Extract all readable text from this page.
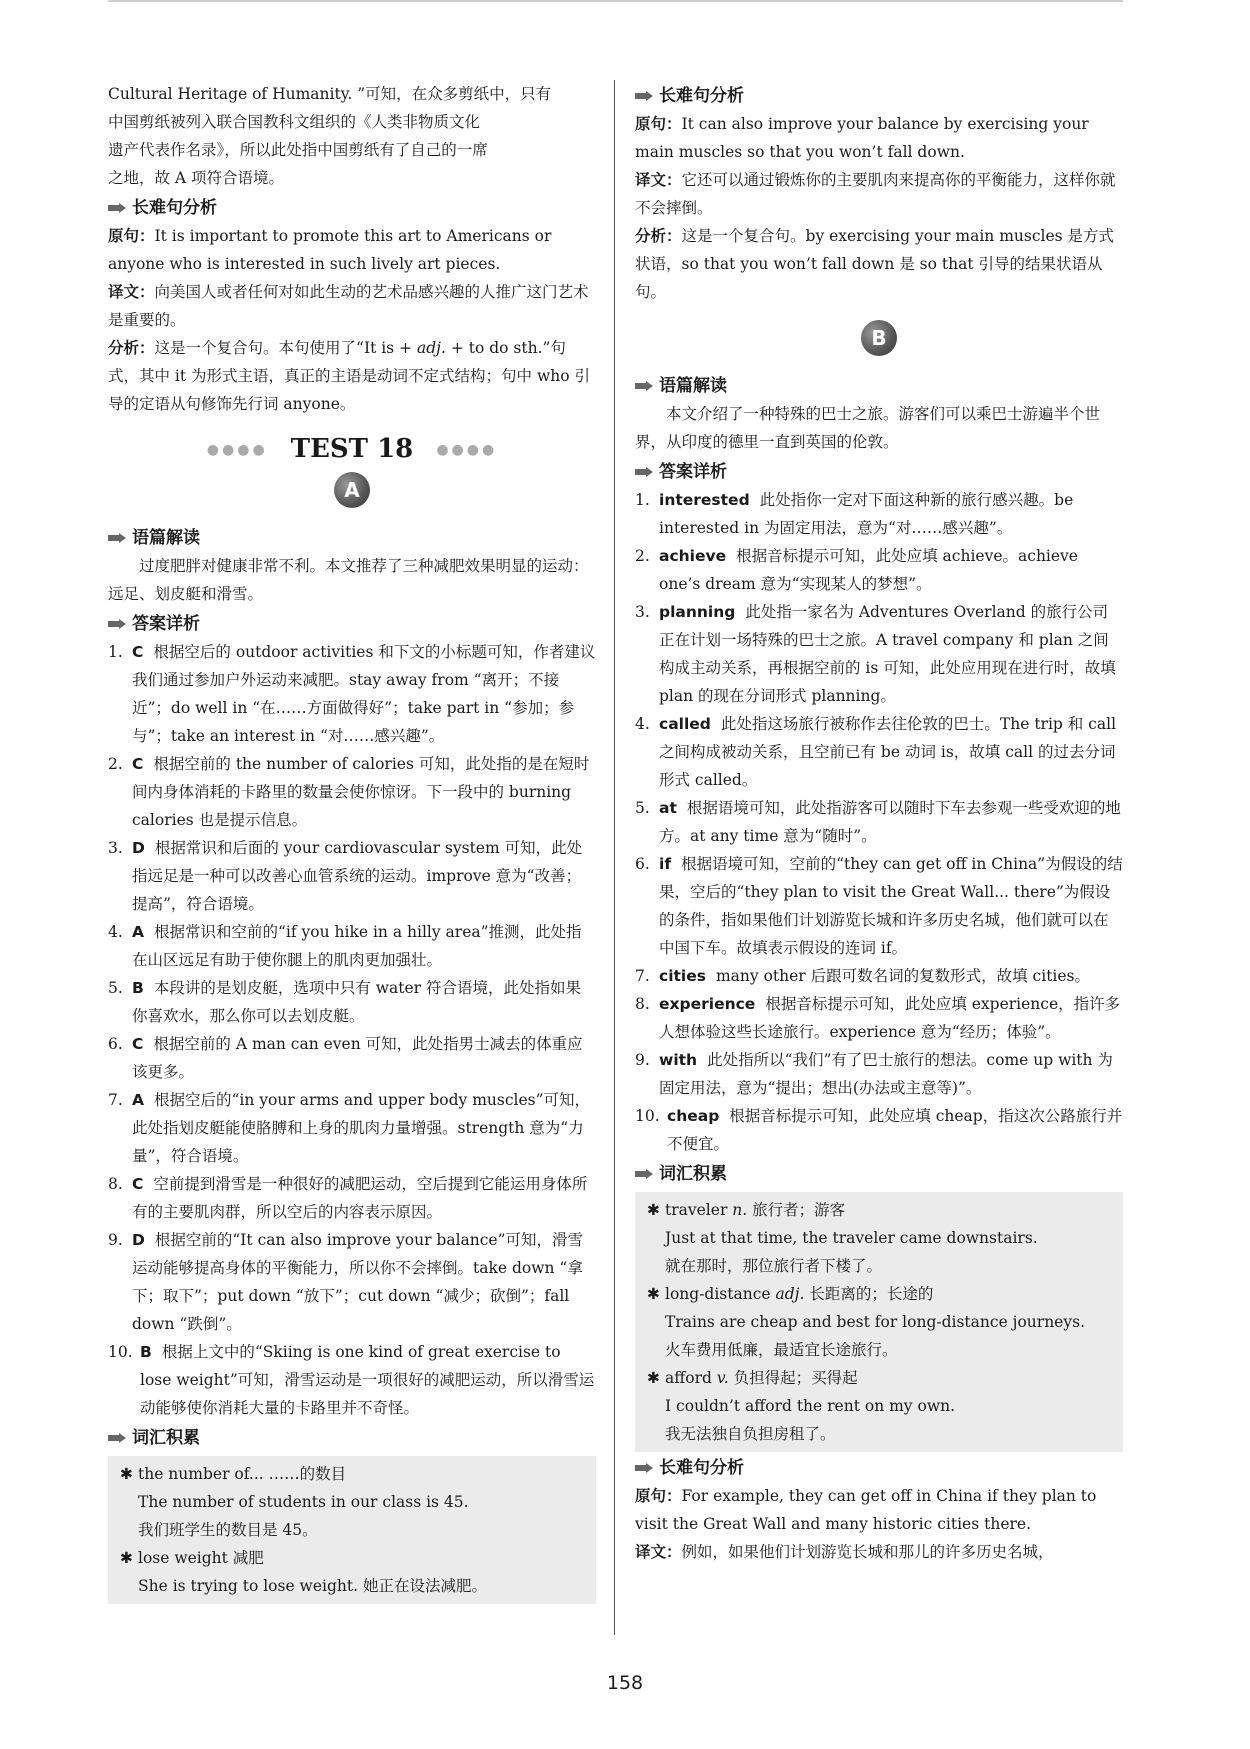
Cultural Heritage of Humanity. ”可知，在众多剪纸中，只有

中国剪纸被列入联合国教科文组织的《人类非物质文化

遗产代表作名录》，所以此处指中国剪纸有了自己的一席

之地，故 A 项符合语境。

长难句分析

原句：It is important to promote this art to Americans or anyone who is interested in such lively art pieces.

译文：向美国人或者任何对如此生动的艺术品感兴趣的人推广这门艺术是重要的。

分析：这是一个复合句。本句使用了“It is + adj. + to do sth.”句式，其中 it 为形式主语，真正的主语是动词不定式结构；句中 who 引导的定语从句修饰先行词 anyone。

●●●● TEST 18 ●●●●
A
语篇解读

过度肥胖对健康非常不利。本文推荐了三种减肥效果明显的运动：远足、划皮艇和滑雪。

答案详析
1. C 根据空后的 outdoor activities 和下文的小标题可知，作者建议我们通过参加户外运动来减肥。stay away from “离开；不接近”；do well in “在……方面做得好”；take part in “参加；参与”；take an interest in “对……感兴趣”。
2. C 根据空前的 the number of calories 可知，此处指的是在短时间内身体消耗的卡路里的数量会使你惊讶。下一段中的 burning calories 也是提示信息。
3. D 根据常识和后面的 your cardiovascular system 可知，此处指远足是一种可以改善心血管系统的运动。improve 意为“改善；提高”，符合语境。
4. A 根据常识和空前的“if you hike in a hilly area”推测，此处指在山区远足有助于使你腿上的肌肉更加强壮。
5. B 本段讲的是划皮艇，选项中只有 water 符合语境，此处指如果你喜欢水，那么你可以去划皮艇。
6. C 根据空前的 A man can even 可知，此处指男士减去的体重应该更多。
7. A 根据空后的“in your arms and upper body muscles”可知，此处指划皮艇能使胳膊和上身的肌肉力量增强。strength 意为“力量”，符合语境。
8. C 空前提到滑雪是一种很好的减肥运动，空后提到它能运用身体所有的主要肌肉群，所以空后的内容表示原因。
9. D 根据空前的“It can also improve your balance”可知，滑雪运动能够提高身体的平衡能力，所以你不会摔倒。take down “拿下；取下”；put down “放下”；cut down “减少；砍倒”；fall down “跌倒”。
10. B 根据上文中的“Skiing is one kind of great exercise to lose weight”可知，滑雪运动是一项很好的减肥运动，所以滑雪运动能够使你消耗大量的卡路里并不奇怪。
词汇积累
✱ the number of... ……的数目

The number of students in our class is 45.

我们班学生的数目是 45。

✱ lose weight 减肥

She is trying to lose weight. 她正在设法减肥。

长难句分析

原句：It can also improve your balance by exercising your main muscles so that you won’t fall down.

译文：它还可以通过锻炼你的主要肌肉来提高你的平衡能力，这样你就不会摔倒。

分析：这是一个复合句。by exercising your main muscles 是方式状语，so that you won’t fall down 是 so that 引导的结果状语从句。

B
语篇解读

本文介绍了一种特殊的巴士之旅。游客们可以乘巴士游遍半个世界，从印度的德里一直到英国的伦敦。

答案详析
1. interested 此处指你一定对下面这种新的旅行感兴趣。be interested in 为固定用法，意为“对……感兴趣”。
2. achieve 根据音标提示可知，此处应填 achieve。achieve one’s dream 意为“实现某人的梦想”。
3. planning 此处指一家名为 Adventures Overland 的旅行公司正在计划一场特殊的巴士之旅。A travel company 和 plan 之间构成主动关系，再根据空前的 is 可知，此处应用现在进行时，故填 plan 的现在分词形式 planning。
4. called 此处指这场旅行被称作去往伦敦的巴士。The trip 和 call 之间构成被动关系，且空前已有 be 动词 is，故填 call 的过去分词形式 called。
5. at 根据语境可知，此处指游客可以随时下车去参观一些受欢迎的地方。at any time 意为“随时”。
6. if 根据语境可知，空前的“they can get off in China”为假设的结果，空后的“they plan to visit the Great Wall... there”为假设的条件，指如果他们计划游览长城和许多历史名城，他们就可以在中国下车。故填表示假设的连词 if。
7. cities many other 后跟可数名词的复数形式，故填 cities。
8. experience 根据音标提示可知，此处应填 experience，指许多人想体验这些长途旅行。experience 意为“经历；体验”。
9. with 此处指所以“我们”有了巴士旅行的想法。come up with 为固定用法，意为“提出；想出(办法或主意等)”。
10. cheap 根据音标提示可知，此处应填 cheap，指这次公路旅行并不便宜。
词汇积累
✱ traveler n. 旅行者；游客

Just at that time, the traveler came downstairs.

就在那时，那位旅行者下楼了。

✱ long-distance adj. 长距离的；长途的

Trains are cheap and best for long-distance journeys.

火车费用低廉，最适宜长途旅行。

✱ afford v. 负担得起；买得起

I couldn’t afford the rent on my own.

我无法独自负担房租了。

长难句分析

原句：For example, they can get off in China if they plan to visit the Great Wall and many historic cities there.

译文：例如，如果他们计划游览长城和那儿的许多历史名城，

158
